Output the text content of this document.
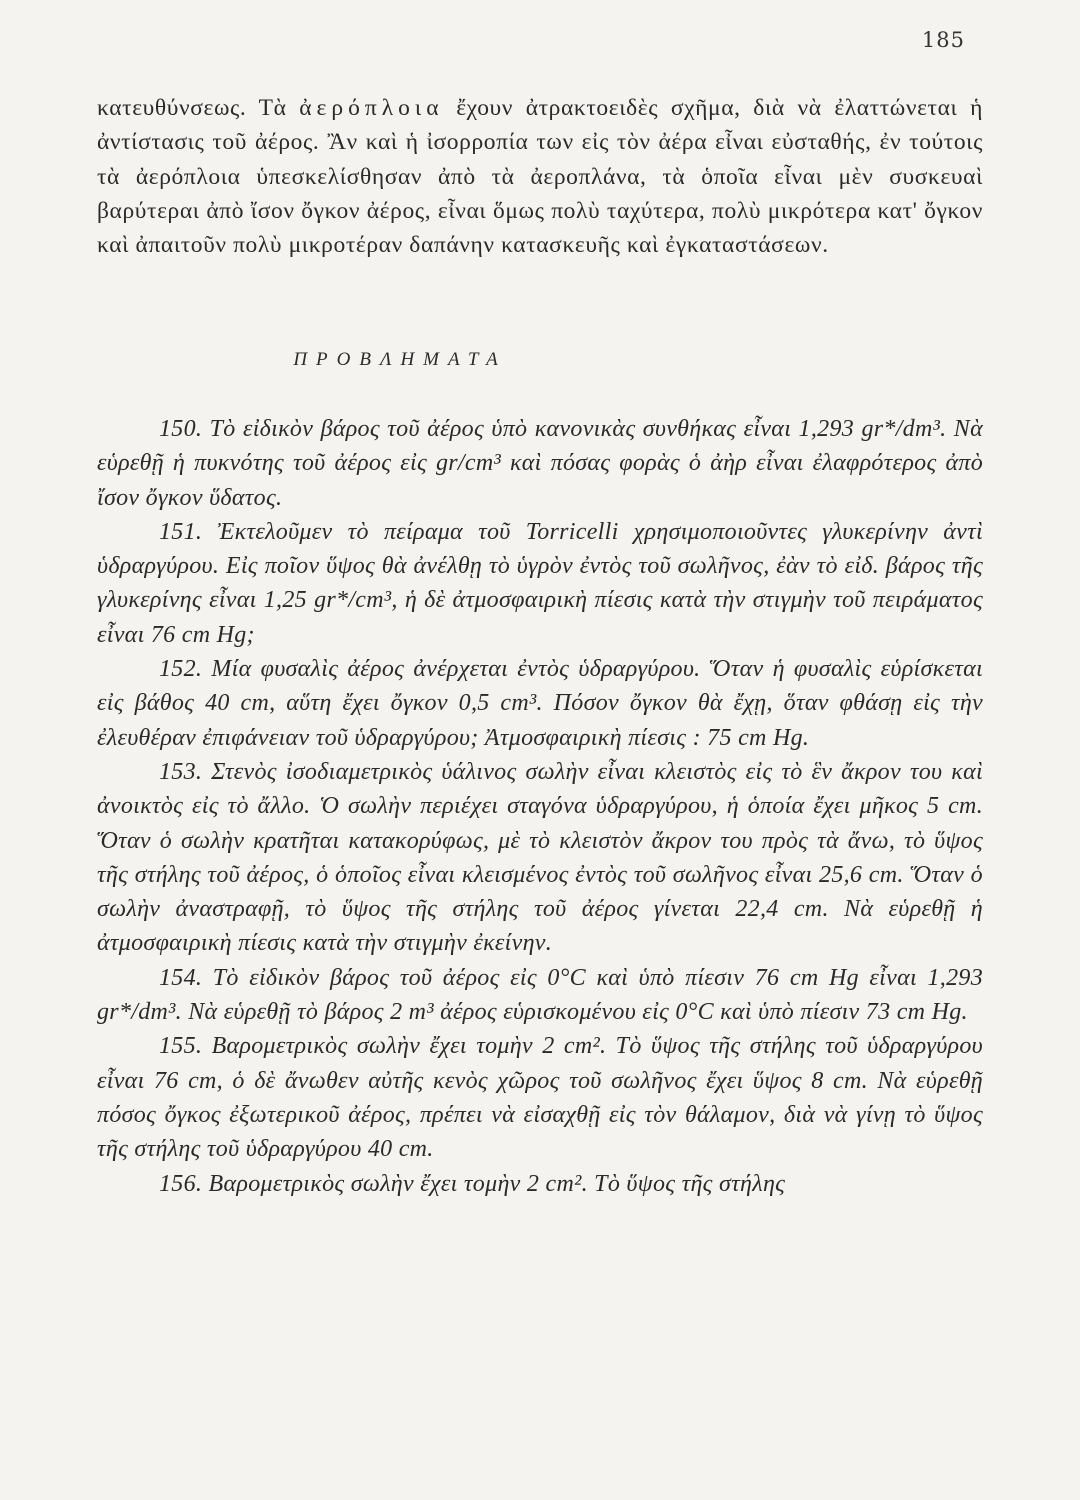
185

κατευθύνσεως. Τὰ ἀερόπλοια ἔχουν ἀτρακτοειδὲς σχῆμα, διὰ νὰ ἐλαττώνεται ἡ ἀντίστασις τοῦ ἀέρος. Ἂν καὶ ἡ ἰσορροπία των εἰς τὸν ἀέρα εἶναι εὐσταθής, ἐν τούτοις τὰ ἀερόπλοια ὑπεσκελίσθησαν ἀπὸ τὰ ἀεροπλάνα, τὰ ὁποῖα εἶναι μὲν συσκευαὶ βαρύτεραι ἀπὸ ἴσον ὄγκον ἀέρος, εἶναι ὅμως πολὺ ταχύτερα, πολὺ μικρότερα κατ' ὄγκον καὶ ἀπαιτοῦν πολὺ μικροτέραν δαπάνην κατασκευῆς καὶ ἐγκαταστάσεων.

ΠΡΟΒΛΗΜΑΤΑ

150. Τὸ εἰδικὸν βάρος τοῦ ἀέρος ὑπὸ κανονικὰς συνθήκας εἶναι 1,293 gr*/dm³. Νὰ εὑρεθῇ ἡ πυκνότης τοῦ ἀέρος εἰς gr/cm³ καὶ πόσας φορὰς ὁ ἀὴρ εἶναι ἐλαφρότερος ἀπὸ ἴσον ὄγκον ὕδατος.

151. Ἐκτελοῦμεν τὸ πείραμα τοῦ Torricelli χρησιμοποιοῦντες γλυκερίνην ἀντὶ ὑδραργύρου. Εἰς ποῖον ὕψος θὰ ἀνέλθῃ τὸ ὑγρὸν ἐντὸς τοῦ σωλῆνος, ἐὰν τὸ εἰδ. βάρος τῆς γλυκερίνης εἶναι 1,25 gr*/cm³, ἡ δὲ ἀτμοσφαιρικὴ πίεσις κατὰ τὴν στιγμὴν τοῦ πειράματος εἶναι 76 cm Hg;

152. Μία φυσαλὶς ἀέρος ἀνέρχεται ἐντὸς ὑδραργύρου. Ὅταν ἡ φυσαλὶς εὑρίσκεται εἰς βάθος 40 cm, αὕτη ἔχει ὄγκον 0,5 cm³. Πόσον ὄγκον θὰ ἔχῃ, ὅταν φθάσῃ εἰς τὴν ἐλευθέραν ἐπιφάνειαν τοῦ ὑδραργύρου; Ἀτμοσφαιρικὴ πίεσις : 75 cm Hg.

153. Στενὸς ἰσοδιαμετρικὸς ὑάλινος σωλὴν εἶναι κλειστὸς εἰς τὸ ἓν ἄκρον του καὶ ἀνοικτὸς εἰς τὸ ἄλλο. Ὁ σωλὴν περιέχει σταγόνα ὑδραργύρου, ἡ ὁποία ἔχει μῆκος 5 cm. Ὅταν ὁ σωλὴν κρατῆται κατακορύφως, μὲ τὸ κλειστὸν ἄκρον του πρὸς τὰ ἄνω, τὸ ὕψος τῆς στήλης τοῦ ἀέρος, ὁ ὁποῖος εἶναι κλεισμένος ἐντὸς τοῦ σωλῆνος εἶναι 25,6 cm. Ὅταν ὁ σωλὴν ἀναστραφῇ, τὸ ὕψος τῆς στήλης τοῦ ἀέρος γίνεται 22,4 cm. Νὰ εὑρεθῇ ἡ ἀτμοσφαιρικὴ πίεσις κατὰ τὴν στιγμὴν ἐκείνην.

154. Τὸ εἰδικὸν βάρος τοῦ ἀέρος εἰς 0°C καὶ ὑπὸ πίεσιν 76 cm Hg εἶναι 1,293 gr*/dm³. Νὰ εὑρεθῇ τὸ βάρος 2 m³ ἀέρος εὑρισκομένου εἰς 0°C καὶ ὑπὸ πίεσιν 73 cm Hg.

155. Βαρομετρικὸς σωλὴν ἔχει τομὴν 2 cm². Τὸ ὕψος τῆς στήλης τοῦ ὑδραργύρου εἶναι 76 cm, ὁ δὲ ἄνωθεν αὐτῆς κενὸς χῶρος τοῦ σωλῆνος ἔχει ὕψος 8 cm. Νὰ εὑρεθῇ πόσος ὄγκος ἐξωτερικοῦ ἀέρος, πρέπει νὰ εἰσαχθῇ εἰς τὸν θάλαμον, διὰ νὰ γίνῃ τὸ ὕψος τῆς στήλης τοῦ ὑδραργύρου 40 cm.

156. Βαρομετρικὸς σωλὴν ἔχει τομὴν 2 cm². Τὸ ὕψος τῆς στήλης
